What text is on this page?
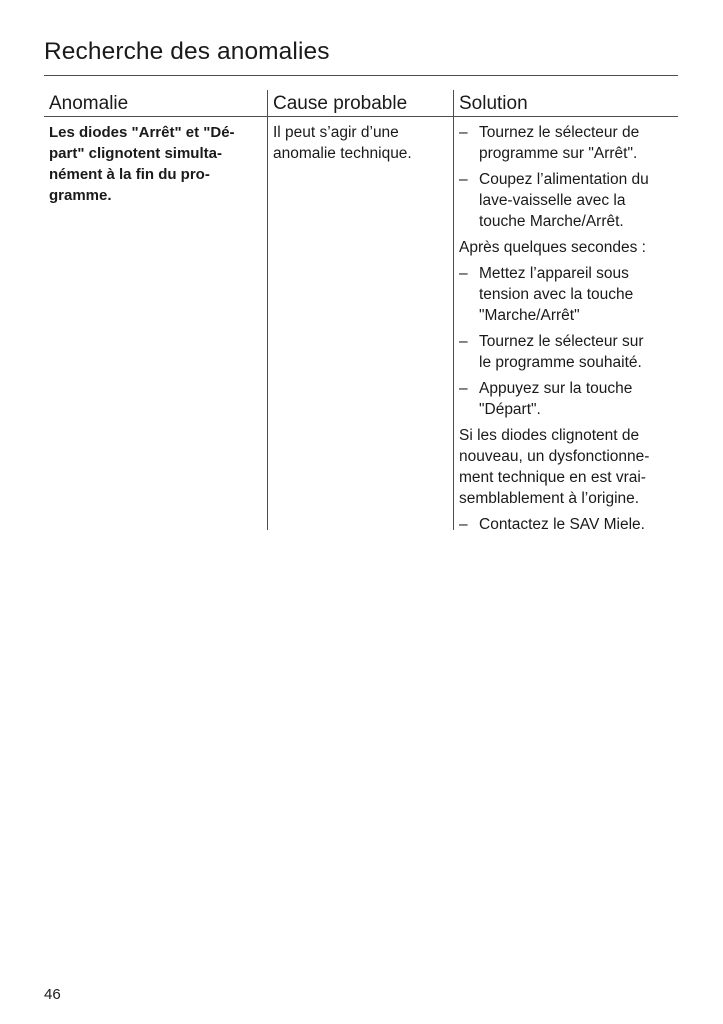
Recherche des anomalies
Anomalie	Cause probable	Solution
Les diodes "Arrêt" et "Dé-
part" clignotent simulta-
nément à la fin du pro-
gramme.
Il peut s’agir d’une
anomalie technique.
– Tournez le sélecteur de
programme sur "Arrêt".
– Coupez l’alimentation du
lave-vaisselle avec la
touche Marche/Arrêt.
Après quelques secondes :
– Mettez l’appareil sous
tension avec la touche
"Marche/Arrêt"
– Tournez le sélecteur sur
le programme souhaité.
– Appuyez sur la touche
"Départ".
Si les diodes clignotent de
nouveau, un dysfonctionne-
ment technique en est vrai-
semblablement à l’origine.
– Contactez le SAV Miele.
46
